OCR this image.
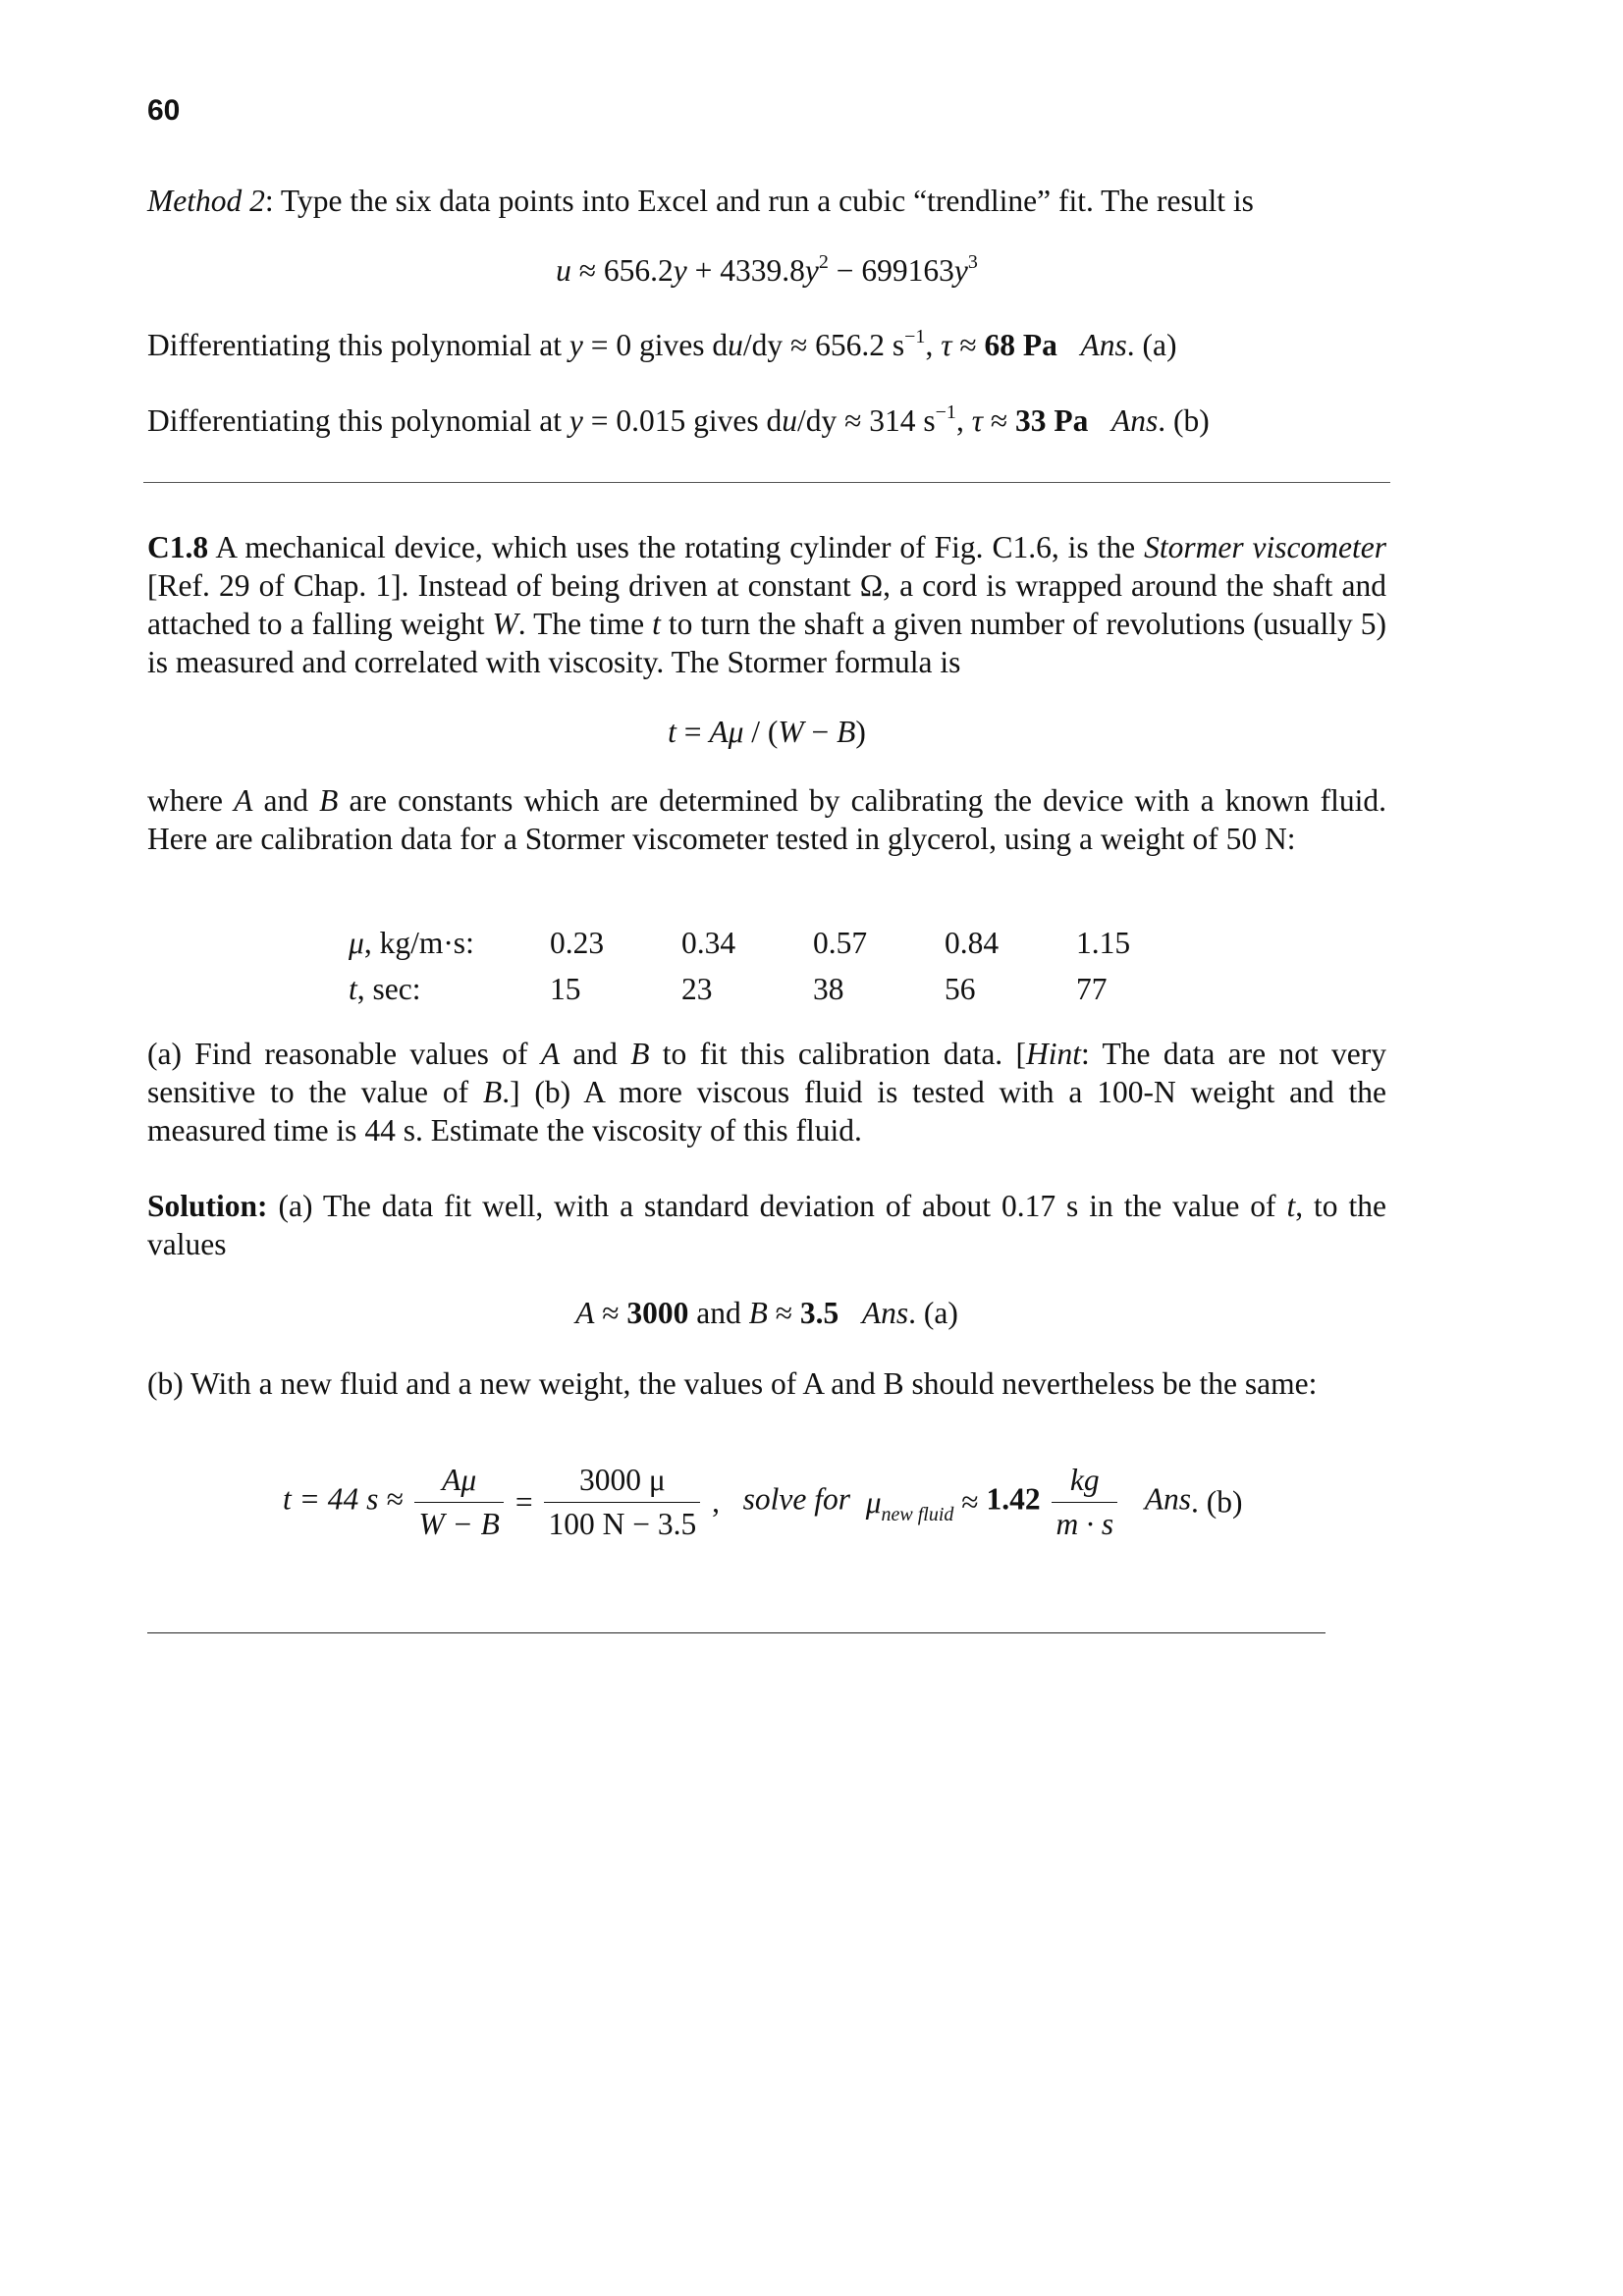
60
Method 2: Type the six data points into Excel and run a cubic “trendline” fit. The result is
$u \approx 656.2y + 4339.8y^2 - 699163y^3$
Differentiating this polynomial at y = 0 gives du/dy ≈ 656.2 $s^{-1}$, τ ≈ 68 Pa Ans. (a)
Differentiating this polynomial at y = 0.015 gives du/dy ≈ 314 $s^{-1}$, τ ≈ 33 Pa Ans. (b)
C1.8 A mechanical device, which uses the rotating cylinder of Fig. C1.6, is the Stormer viscometer [Ref. 29 of Chap. 1]. Instead of being driven at constant Ω, a cord is wrapped around the shaft and attached to a falling weight W. The time t to turn the shaft a given number of revolutions (usually 5) is measured and correlated with viscosity. The Stormer formula is
t = Aμ / (W − B)
where A and B are constants which are determined by calibrating the device with a known fluid. Here are calibration data for a Stormer viscometer tested in glycerol, using a weight of 50 N:
μ, kg/m·s:	0.23	0.34	0.57	0.84	1.15
t, sec:	15	23	38	56	77
(a) Find reasonable values of A and B to fit this calibration data. [Hint: The data are not very sensitive to the value of B.] (b) A more viscous fluid is tested with a 100-N weight and the measured time is 44 s. Estimate the viscosity of this fluid.
Solution: (a) The data fit well, with a standard deviation of about 0.17 s in the value of t, to the values
A ≈ 3000 and B ≈ 3.5 Ans. (a)
(b) With a new fluid and a new weight, the values of A and B should nevertheless be the same:
t = 44 $s \approx \frac{A\mu}{W - B} = \frac{3000 \mu}{100 N - 3.5}$ , solve for $\mu_{new fluid} \approx 1.42 \frac{kg}{m \cdot s}$ Ans. (b)
